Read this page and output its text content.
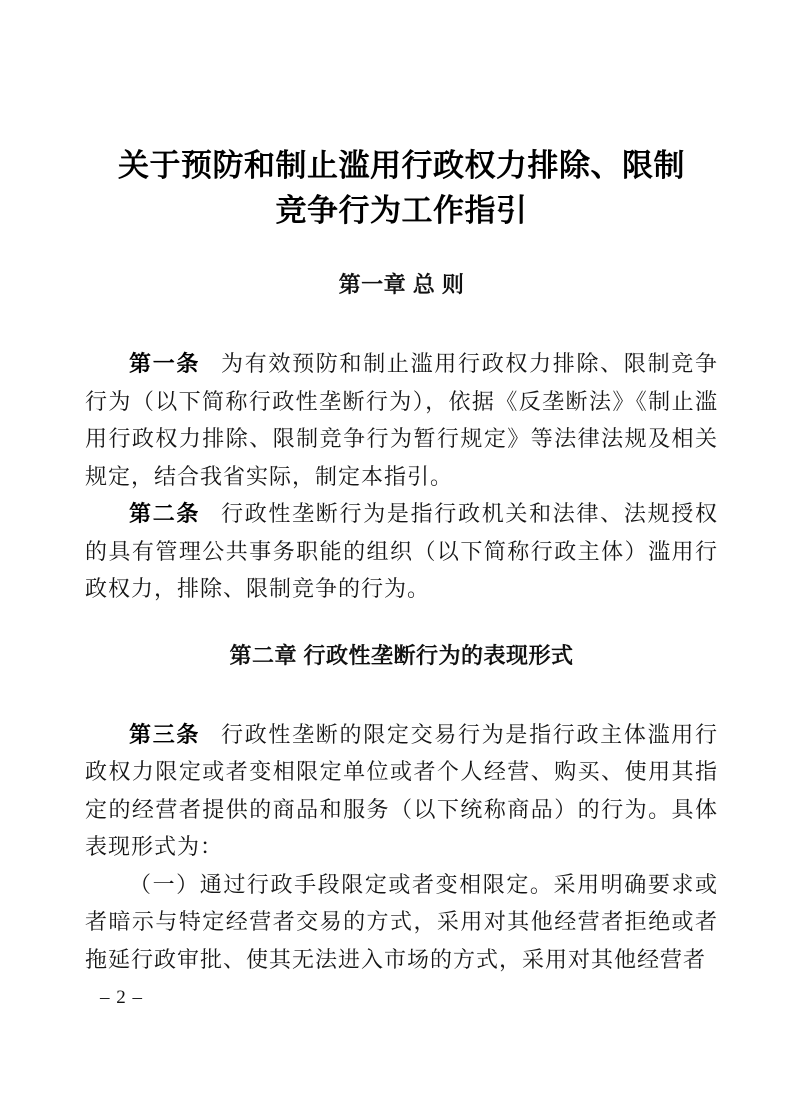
关于预防和制止滥用行政权力排除、限制
竞争行为工作指引
第一章 总 则

第一条 为有效预防和制止滥用行政权力排除、限制竞争行为（以下简称行政性垄断行为），依据《反垄断法》《制止滥用行政权力排除、限制竞争行为暂行规定》等法律法规及相关规定，结合我省实际，制定本指引。

第二条 行政性垄断行为是指行政机关和法律、法规授权的具有管理公共事务职能的组织（以下简称行政主体）滥用行政权力，排除、限制竞争的行为。

第二章 行政性垄断行为的表现形式

第三条 行政性垄断的限定交易行为是指行政主体滥用行政权力限定或者变相限定单位或者个人经营、购买、使用其指定的经营者提供的商品和服务（以下统称商品）的行为。具体表现形式为：

（一）通过行政手段限定或者变相限定。采用明确要求或者暗示与特定经营者交易的方式，采用对其他经营者拒绝或者拖延行政审批、使其无法进入市场的方式，采用对其他经营者

– 2 –
